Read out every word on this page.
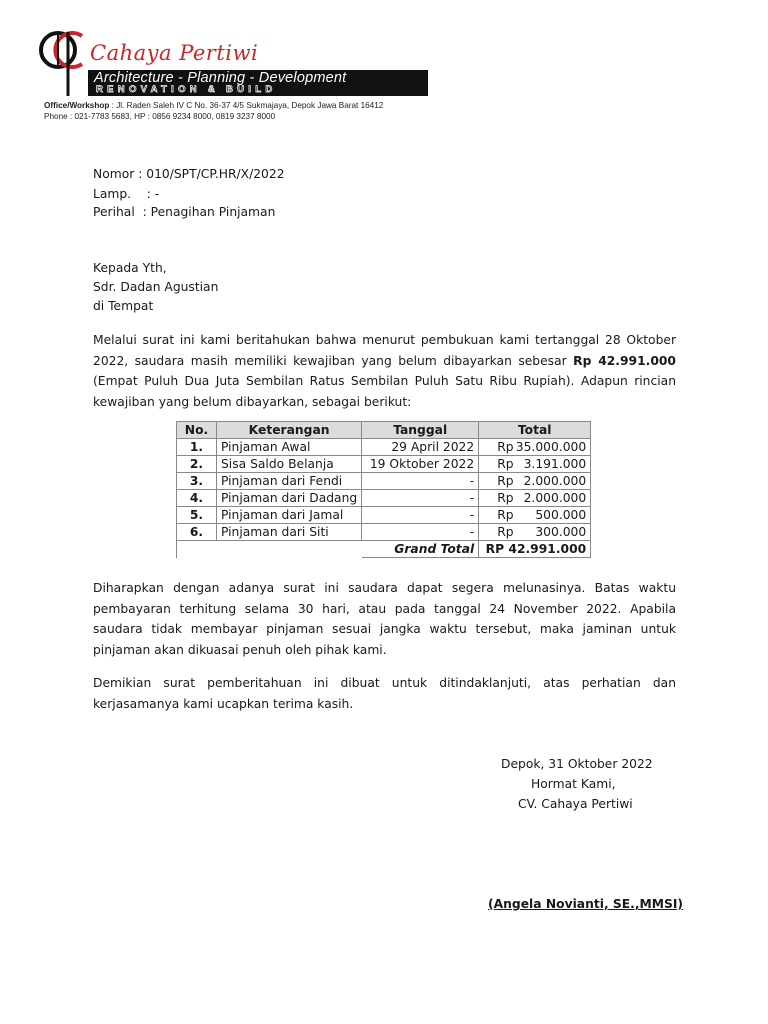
Cahaya Pertiwi
Architecture - Planning - Development
RENOVATION & BUILD
Office/Workshop : Jl. Raden Saleh IV C No. 36-37 4/5 Sukmajaya, Depok Jawa Barat 16412
Phone : 021-7783 5683, HP : 0856 9234 8000, 0819 3237 8000
Nomor : 010/SPT/CP.HR/X/2022
Lamp.    : -
Perihal  : Penagihan Pinjaman
Kepada Yth,
Sdr. Dadan Agustian
di Tempat
Melalui surat ini kami beritahukan bahwa menurut pembukuan kami tertanggal 28 Oktober 2022, saudara masih memiliki kewajiban yang belum dibayarkan sebesar Rp 42.991.000 (Empat Puluh Dua Juta Sembilan Ratus Sembilan Puluh Satu Ribu Rupiah). Adapun rincian kewajiban yang belum dibayarkan, sebagai berikut:
No.	Keterangan	Tanggal	Total
1.	Pinjaman Awal	29 April 2022	Rp 35.000.000

2.	Sisa Saldo Belanja	19 Oktober 2022	Rp 3.191.000

3.	Pinjaman dari Fendi	-	Rp 2.000.000

4.	Pinjaman dari Dadang	-	Rp 2.000.000

5.	Pinjaman dari Jamal	-	Rp 500.000

6.	Pinjaman dari Siti	-	Rp 300.000

		Grand Total	RP 42.991.000
Diharapkan dengan adanya surat ini saudara dapat segera melunasinya. Batas waktu pembayaran terhitung selama 30 hari, atau pada tanggal 24 November 2022. Apabila saudara tidak membayar pinjaman sesuai jangka waktu tersebut, maka jaminan untuk pinjaman akan dikuasai penuh oleh pihak kami.
Demikian surat pemberitahuan ini dibuat untuk ditindaklanjuti, atas perhatian dan kerjasamanya kami ucapkan terima kasih.
Depok, 31 Oktober 2022
Hormat Kami,
CV. Cahaya Pertiwi
(Angela Novianti, SE.,MMSI)
